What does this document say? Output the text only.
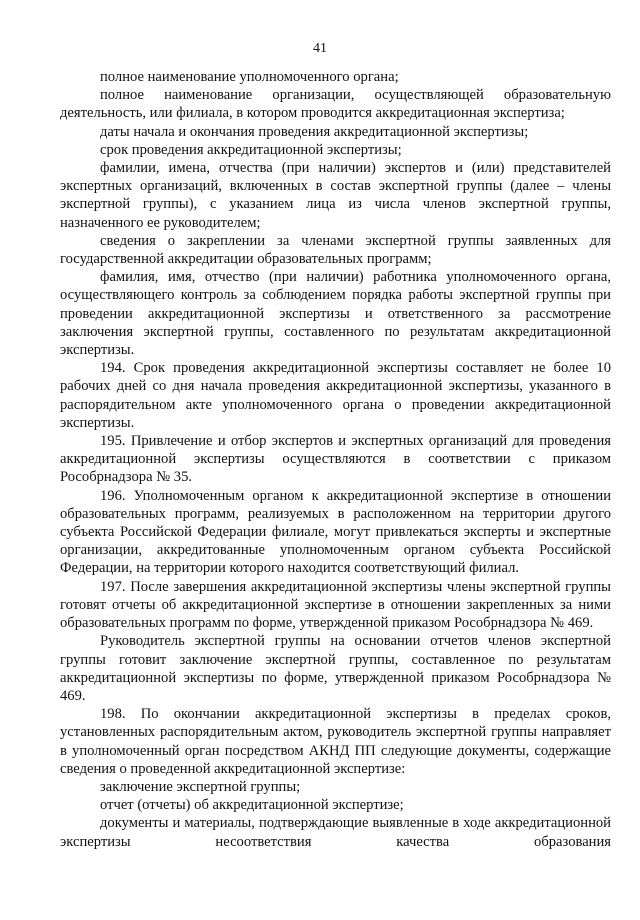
41

полное наименование уполномоченного органа;

полное наименование организации, осуществляющей образовательную деятельность, или филиала, в котором проводится аккредитационная экспертиза;

даты начала и окончания проведения аккредитационной экспертизы;

срок проведения аккредитационной экспертизы;

фамилии, имена, отчества (при наличии) экспертов и (или) представителей экспертных организаций, включенных в состав экспертной группы (далее – члены экспертной группы), с указанием лица из числа членов экспертной группы, назначенного ее руководителем;

сведения о закреплении за членами экспертной группы заявленных для государственной аккредитации образовательных программ;

фамилия, имя, отчество (при наличии) работника уполномоченного органа, осуществляющего контроль за соблюдением порядка работы экспертной группы при проведении аккредитационной экспертизы и ответственного за рассмотрение заключения экспертной группы, составленного по результатам аккредитационной экспертизы.

194. Срок проведения аккредитационной экспертизы составляет не более 10 рабочих дней со дня начала проведения аккредитационной экспертизы, указанного в распорядительном акте уполномоченного органа о проведении аккредитационной экспертизы.

195. Привлечение и отбор экспертов и экспертных организаций для проведения аккредитационной экспертизы осуществляются в соответствии с приказом Рособрнадзора № 35.

196. Уполномоченным органом к аккредитационной экспертизе в отношении образовательных программ, реализуемых в расположенном на территории другого субъекта Российской Федерации филиале, могут привлекаться эксперты и экспертные организации, аккредитованные уполномоченным органом субъекта Российской Федерации, на территории которого находится соответствующий филиал.

197. После завершения аккредитационной экспертизы члены экспертной группы готовят отчеты об аккредитационной экспертизе в отношении закрепленных за ними образовательных программ по форме, утвержденной приказом Рособрнадзора № 469.

Руководитель экспертной группы на основании отчетов членов экспертной группы готовит заключение экспертной группы, составленное по результатам аккредитационной экспертизы по форме, утвержденной приказом Рособрнадзора № 469.

198. По окончании аккредитационной экспертизы в пределах сроков, установленных распорядительным актом, руководитель экспертной группы направляет в уполномоченный орган посредством АКНД ПП следующие документы, содержащие сведения о проведенной аккредитационной экспертизе:

заключение экспертной группы;

отчет (отчеты) об аккредитационной экспертизе;

документы и материалы, подтверждающие выявленные в ходе аккредитационной экспертизы несоответствия качества образования
